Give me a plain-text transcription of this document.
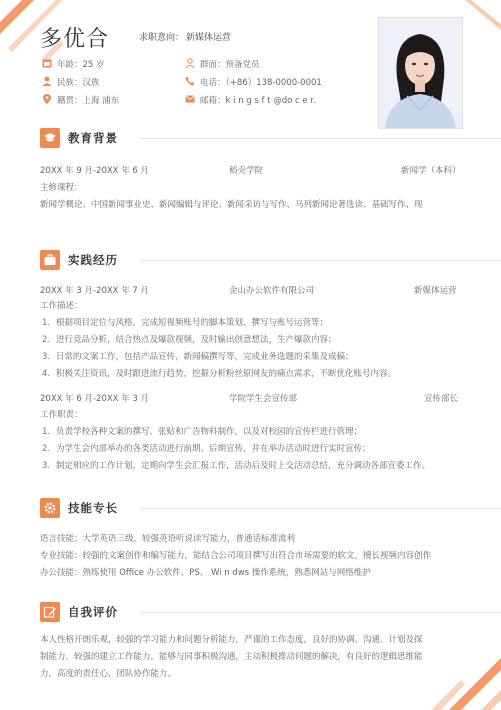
多优合	求职意向： 新媒体运营
年龄：25 岁
民族：汉族
籍贯：上海 浦东
群面：预备党员
电话：（+86）138-0000-0001
邮箱：k i n g s f t @do c e r.
教育背景
20XX 年 9 月-20XX 年 6 月	稻壳学院	新闻学（本科）
主修课程：
新闻学概论、中国新闻事业史、新闻编辑与评论、新闻采访与写作、马列新闻论著选读、基础写作、现
实践经历
20XX 年 3 月-20XX 年 7 月	金山办公软件有限公司	新媒体运营
工作描述：
1. 根据项目定位与风格，完成短视频账号的脚本策划、撰写与账号运营等；
2. 进行竞品分析，结合热点及爆款视频，及时输出创意想法，生产爆款内容；
3. 日常的文案工作，包括产品宣传，新闻稿撰写等，完成业务选题的采集及成稿；
4. 积极关注资讯，及时跟进流行趋势，挖掘分析粉丝原网友的痛点需求，不断优化账号内容。
20XX 年 6 月-20XX 年 3 月	学院学生会宣传部	宣传部长
工作职责：
1. 负责学校各种文案的撰写、张贴和广告物料制作，以及对校园的宣传栏进行管理；
2. 为学生会内部举办的各类活动进行前期、后期宣传，并在举办活动时进行实时宣传；
3. 制定相应的工作计划，定期向学生会汇报工作，活动后及时上交活动总结，充分调动各部宣委工作。
技能专长
语言技能：大学英语三级，较强英语听说读写能力，普通话标准流利
专业技能：较强的文案创作和编写能力，能结合公司项目撰写出符合市场需要的软文，擅长视频内容创作
办公技能：熟练使用 Office 办公软件、PS、 Wi n dws 操作系统，熟悉网站与网络维护
自我评价
本人性格开朗乐观，较强的学习能力和问题分析能力，严谨的工作态度，良好的协调、沟通、计划及探
制能力，较强的建立工作能力，能够与同事积极沟通，主动积极推动问题的解决，有良好的逻辑思维能
力，高度的责任心，团队协作能力。
